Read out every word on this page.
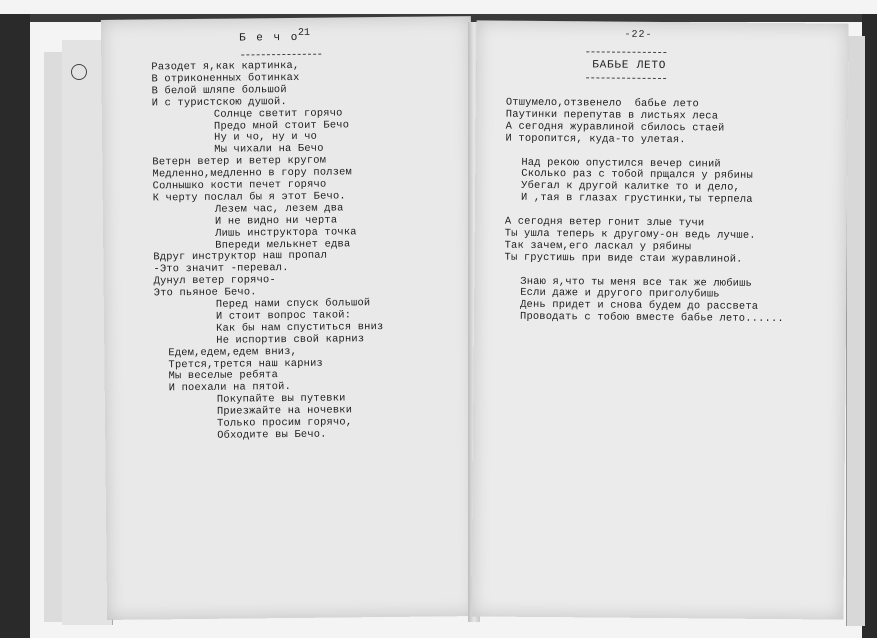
Б е ч о
21
Разодет я,как картинка,
В отриконенных ботинках
В белой шляпе большой
И с туристскою душой.
Солнце светит горячо
Предо мной стоит Бечо
Ну и чо, ну и чо
Мы чихали на Бечо
Ветерн ветер и ветер кругом
Медленно,медленно в гору ползем
Солнышко кости печет горячо
К черту послал бы я этот Бечо.
Лезем час, лезем два
И не видно ни черта
Лишь инструктора точка
Впереди мелькнет едва
Вдруг инструктор наш пропал
-Это значит -перевал.
Дунул ветер горячо-
Это пьяное Бечо.
Перед нами спуск большой
И стоит вопрос такой:
Как бы нам спуститься вниз
Не испортив свой карниз
Едем,едем,едем вниз,
Трется,трется наш карниз
Мы веселые ребята
И поехали на пятой.
Покупайте вы путевки
Приезжайте на ночевки
Только просим горячо,
Обходите вы Бечо.
-22-
БАБЬЕ ЛЕТО
Отшумело,отзвенело  бабье лето
Паутинки перепутав в листьях леса
А сегодня журавлиной сбилось стаей
И торопится, куда-то улетая.
Над рекою опустился вечер синий
Сколько раз с тобой прщался у рябины
Убегал к другой калитке то и дело,
И ,тая в глазах грустинки,ты терпела
А сегодня ветер гонит злые тучи
Ты ушла теперь к другому-он ведь лучше.
Так зачем,его ласкал у рябины
Ты грустишь при виде стаи журавлиной.
Знаю я,что ты меня все так же любишь
Если даже и другого приголубишь
День придет и снова будем до рассвета
Проводать с тобою вместе бабье лето......
